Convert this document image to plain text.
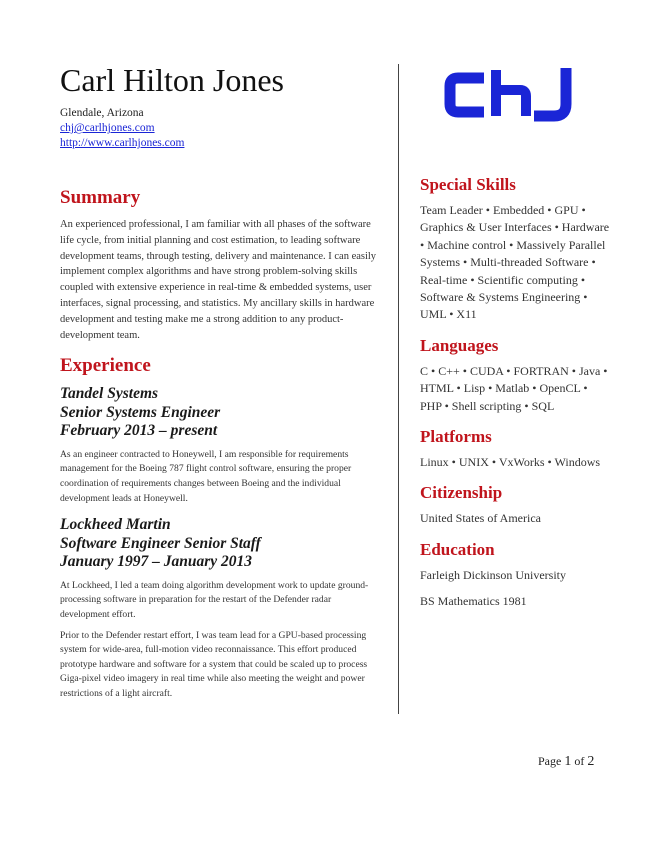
Carl Hilton Jones
Glendale, Arizona
chj@carlhjones.com
http://www.carlhjones.com
Summary

An experienced professional, I am familiar with all phases of the software life cycle, from initial planning and cost estimation, to leading software development teams, through testing, delivery and maintenance. I can easily implement complex algorithms and have strong problem-solving skills coupled with extensive experience in real-time & embedded systems, user interfaces, signal processing, and statistics. My ancillary skills in hardware development and testing make me a strong addition to any product-development team.

Experience
Tandel Systems
Senior Systems Engineer
February 2013 – present

As an engineer contracted to Honeywell, I am responsible for requirements management for the Boeing 787 flight control software, ensuring the proper coordination of requirements changes between Boeing and the individual development leads at Honeywell.

Lockheed Martin
Software Engineer Senior Staff
January 1997 – January 2013

At Lockheed, I led a team doing algorithm development work to update ground-processing software in preparation for the restart of the Defender radar development effort.

Prior to the Defender restart effort, I was team lead for a GPU-based processing system for wide-area, full-motion video reconnaissance. This effort produced prototype hardware and software for a system that could be scaled up to process Giga-pixel video imagery in real time while also meeting the weight and power restrictions of a light aircraft.

Special Skills

Team Leader • Embedded • GPU • Graphics & User Interfaces • Hardware • Machine control • Massively Parallel Systems • Multi-threaded Software • Real-time • Scientific computing • Software & Systems Engineering • UML • X11

Languages

C • C++ • CUDA • FORTRAN • Java • HTML • Lisp • Matlab • OpenCL • PHP • Shell scripting • SQL

Platforms

Linux • UNIX • VxWorks • Windows

Citizenship

United States of America

Education

Farleigh Dickinson University

BS Mathematics 1981

Page 1 of 2
